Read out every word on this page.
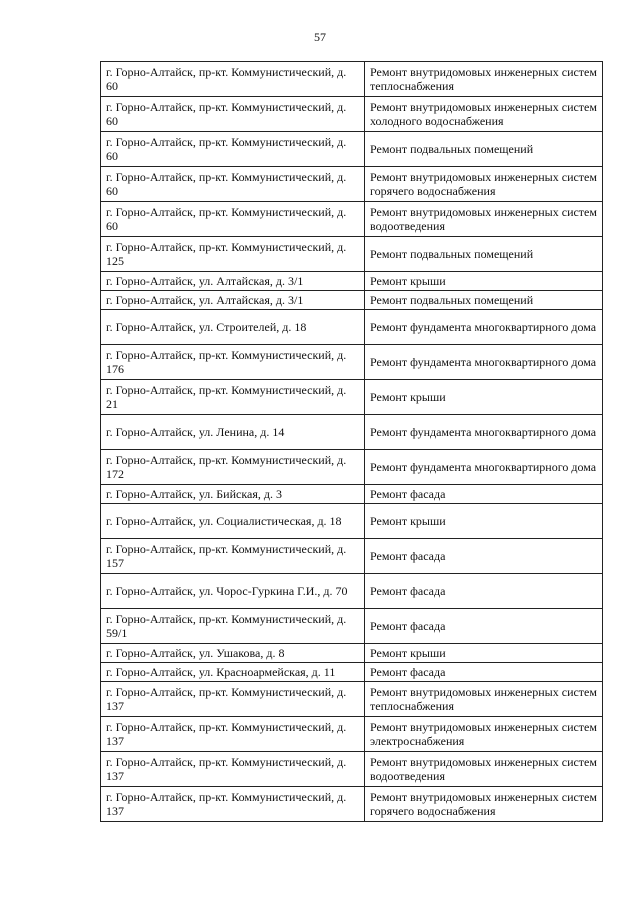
57
г. Горно-Алтайск, пр-кт. Коммунистический, д. 60	Ремонт внутридомовых инженерных систем теплоснабжения
г. Горно-Алтайск, пр-кт. Коммунистический, д. 60	Ремонт внутридомовых инженерных систем холодного водоснабжения
г. Горно-Алтайск, пр-кт. Коммунистический, д. 60	Ремонт подвальных помещений
г. Горно-Алтайск, пр-кт. Коммунистический, д. 60	Ремонт внутридомовых инженерных систем горячего водоснабжения
г. Горно-Алтайск, пр-кт. Коммунистический, д. 60	Ремонт внутридомовых инженерных систем водоотведения
г. Горно-Алтайск, пр-кт. Коммунистический, д. 125	Ремонт подвальных помещений
г. Горно-Алтайск, ул. Алтайская, д. 3/1	Ремонт крыши
г. Горно-Алтайск, ул. Алтайская, д. 3/1	Ремонт подвальных помещений
г. Горно-Алтайск, ул. Строителей, д. 18	Ремонт фундамента многоквартирного дома
г. Горно-Алтайск, пр-кт. Коммунистический, д. 176	Ремонт фундамента многоквартирного дома
г. Горно-Алтайск, пр-кт. Коммунистический, д. 21	Ремонт крыши
г. Горно-Алтайск, ул. Ленина, д. 14	Ремонт фундамента многоквартирного дома
г. Горно-Алтайск, пр-кт. Коммунистический, д. 172	Ремонт фундамента многоквартирного дома
г. Горно-Алтайск, ул. Бийская, д. 3	Ремонт фасада
г. Горно-Алтайск, ул. Социалистическая, д. 18	Ремонт крыши
г. Горно-Алтайск, пр-кт. Коммунистический, д. 157	Ремонт фасада
г. Горно-Алтайск, ул. Чорос-Гуркина Г.И., д. 70	Ремонт фасада
г. Горно-Алтайск, пр-кт. Коммунистический, д. 59/1	Ремонт фасада
г. Горно-Алтайск, ул. Ушакова, д. 8	Ремонт крыши
г. Горно-Алтайск, ул. Красноармейская, д. 11	Ремонт фасада
г. Горно-Алтайск, пр-кт. Коммунистический, д. 137	Ремонт внутридомовых инженерных систем теплоснабжения
г. Горно-Алтайск, пр-кт. Коммунистический, д. 137	Ремонт внутридомовых инженерных систем электроснабжения
г. Горно-Алтайск, пр-кт. Коммунистический, д. 137	Ремонт внутридомовых инженерных систем водоотведения
г. Горно-Алтайск, пр-кт. Коммунистический, д. 137	Ремонт внутридомовых инженерных систем горячего водоснабжения
